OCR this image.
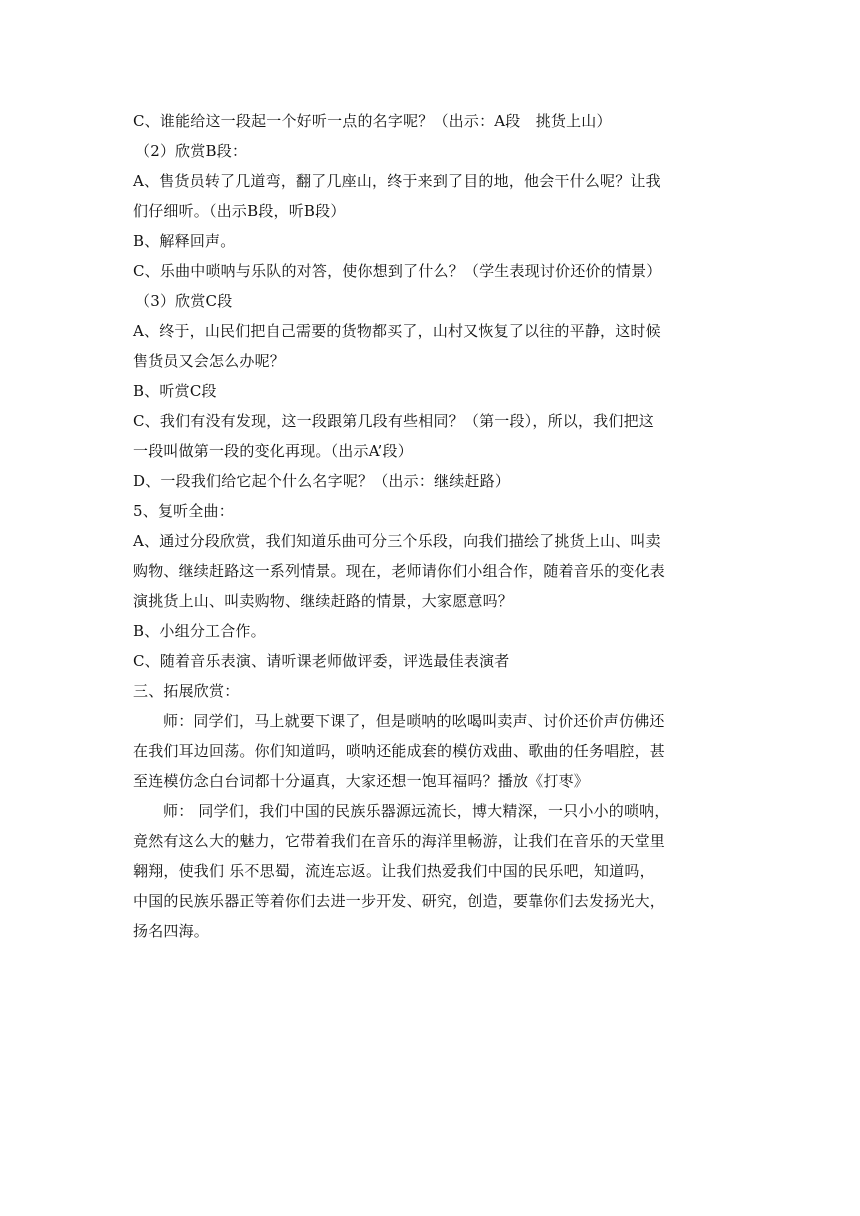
C、谁能给这一段起一个好听一点的名字呢？（出示：A段　挑货上山）
（2）欣赏B段：
A、售货员转了几道弯，翻了几座山，终于来到了目的地，他会干什么呢？让我
们仔细听。（出示B段，听B段）
B、解释回声。
C、乐曲中唢呐与乐队的对答，使你想到了什么？（学生表现讨价还价的情景）
（3）欣赏C段
A、终于，山民们把自己需要的货物都买了，山村又恢复了以往的平静，这时候
售货员又会怎么办呢？
B、听赏C段
C、我们有没有发现，这一段跟第几段有些相同？（第一段），所以，我们把这
一段叫做第一段的变化再现。（出示A’段）
D、一段我们给它起个什么名字呢？（出示：继续赶路）
5、复听全曲：
A、通过分段欣赏，我们知道乐曲可分三个乐段，向我们描绘了挑货上山、叫卖
购物、继续赶路这一系列情景。现在，老师请你们小组合作，随着音乐的变化表
演挑货上山、叫卖购物、继续赶路的情景，大家愿意吗？
B、小组分工合作。
C、随着音乐表演、请听课老师做评委，评选最佳表演者
三、拓展欣赏：
师：同学们，马上就要下课了，但是唢呐的吆喝叫卖声、讨价还价声仿佛还
在我们耳边回荡。你们知道吗，唢呐还能成套的模仿戏曲、歌曲的任务唱腔，甚
至连模仿念白台词都十分逼真，大家还想一饱耳福吗？播放《打枣》
师： 同学们，我们中国的民族乐器源远流长，博大精深，一只小小的唢呐，
竟然有这么大的魅力，它带着我们在音乐的海洋里畅游，让我们在音乐的天堂里
翱翔，使我们 乐不思蜀，流连忘返。让我们热爱我们中国的民乐吧，知道吗，
中国的民族乐器正等着你们去进一步开发、研究，创造，要靠你们去发扬光大，
扬名四海。
